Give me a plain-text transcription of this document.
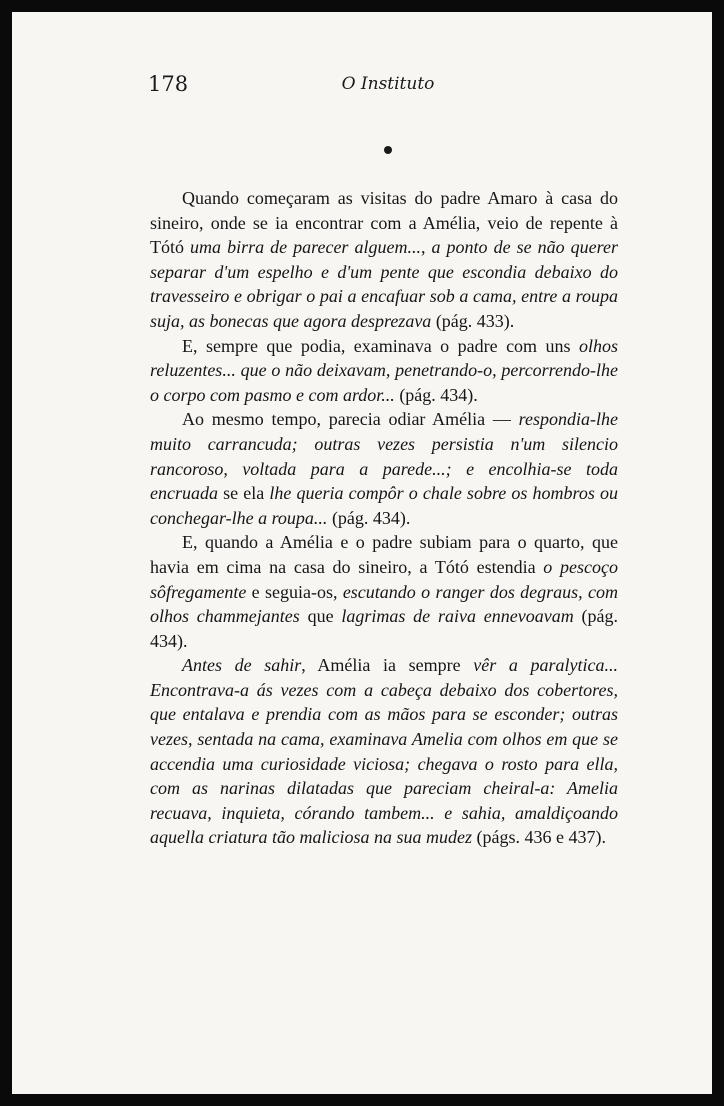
178	O Instituto

Quando começaram as visitas do padre Amaro à casa do sineiro, onde se ia encontrar com a Amélia, veio de repente à Tótó uma birra de parecer alguem..., a ponto de se não querer separar d'um espelho e d'um pente que escondia debaixo do travesseiro e obrigar o pai a encafuar sob a cama, entre a roupa suja, as bonecas que agora desprezava (pág. 433).

E, sempre que podia, examinava o padre com uns olhos reluzentes... que o não deixavam, penetrando-o, percorrendo-lhe o corpo com pasmo e com ardor... (pág. 434).

Ao mesmo tempo, parecia odiar Amélia — respondia-lhe muito carrancuda; outras vezes persistia n'um silencio rancoroso, voltada para a parede...; e encolhia-se toda encruada se ela lhe queria compôr o chale sobre os hombros ou conchegar-lhe a roupa... (pág. 434).

E, quando a Amélia e o padre subiam para o quarto, que havia em cima na casa do sineiro, a Tótó estendia o pescoço sôfregamente e seguia-os, escutando o ranger dos degraus, com olhos chammejantes que lagrimas de raiva ennevoavam (pág. 434).

Antes de sahir, Amélia ia sempre vêr a paralytica... Encontrava-a ás vezes com a cabeça debaixo dos cobertores, que entalava e prendia com as mãos para se esconder; outras vezes, sentada na cama, examinava Amelia com olhos em que se accendia uma curiosidade viciosa; chegava o rosto para ella, com as narinas dilatadas que pareciam cheiral-a: Amelia recuava, inquieta, córando tambem... e sahia, amaldiçoando aquella criatura tão maliciosa na sua mudez (págs. 436 e 437).
